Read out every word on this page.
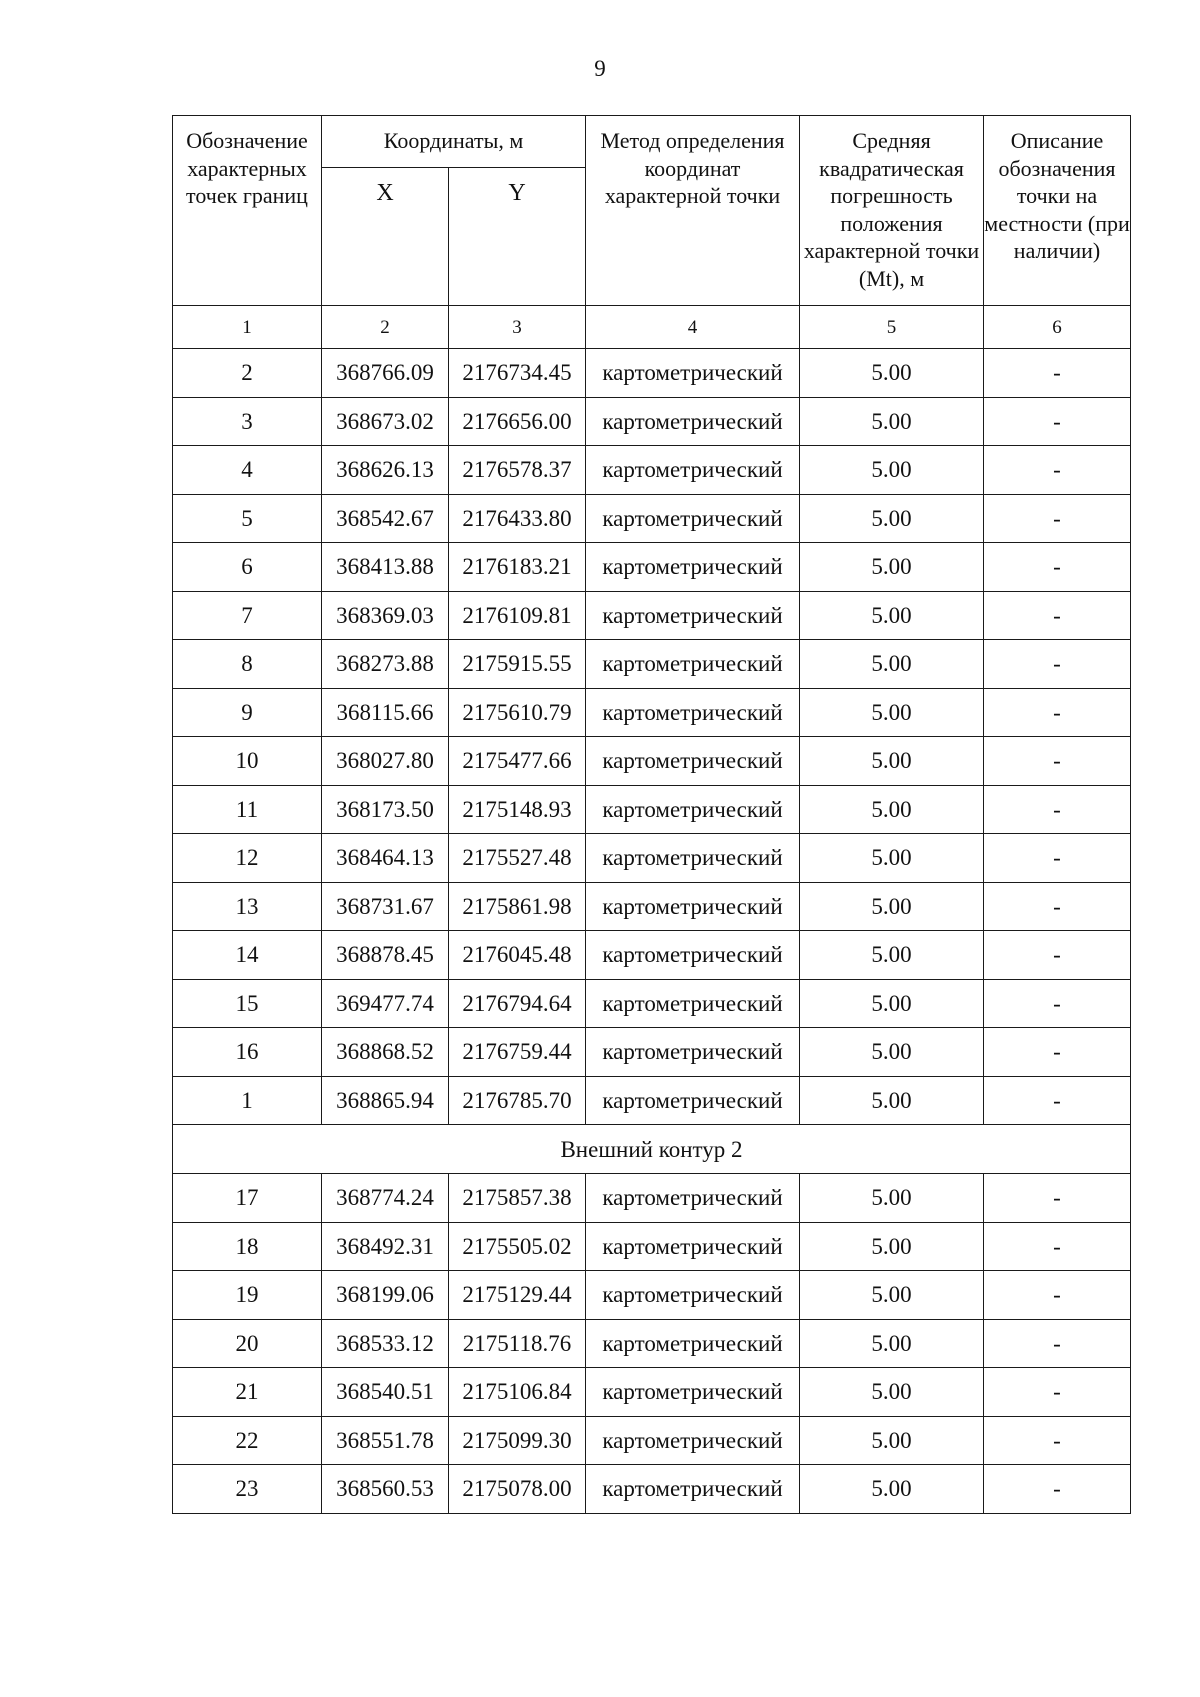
9
Обозначение характерных точек границ	Координаты, м		Метод определения координат характерной точки	Средняя квадратическая погрешность положения характерной точки (Mt), м	Описание обозначения точки на местности (при наличии)
	X	Y			
1	2	3	4	5	6
2	368766.09	2176734.45	картометрический	5.00	-
3	368673.02	2176656.00	картометрический	5.00	-
4	368626.13	2176578.37	картометрический	5.00	-
5	368542.67	2176433.80	картометрический	5.00	-
6	368413.88	2176183.21	картометрический	5.00	-
7	368369.03	2176109.81	картометрический	5.00	-
8	368273.88	2175915.55	картометрический	5.00	-
9	368115.66	2175610.79	картометрический	5.00	-
10	368027.80	2175477.66	картометрический	5.00	-
11	368173.50	2175148.93	картометрический	5.00	-
12	368464.13	2175527.48	картометрический	5.00	-
13	368731.67	2175861.98	картометрический	5.00	-
14	368878.45	2176045.48	картометрический	5.00	-
15	369477.74	2176794.64	картометрический	5.00	-
16	368868.52	2176759.44	картометрический	5.00	-
1	368865.94	2176785.70	картометрический	5.00	-
Внешний контур 2					
17	368774.24	2175857.38	картометрический	5.00	-
18	368492.31	2175505.02	картометрический	5.00	-
19	368199.06	2175129.44	картометрический	5.00	-
20	368533.12	2175118.76	картометрический	5.00	-
21	368540.51	2175106.84	картометрический	5.00	-
22	368551.78	2175099.30	картометрический	5.00	-
23	368560.53	2175078.00	картометрический	5.00	-
